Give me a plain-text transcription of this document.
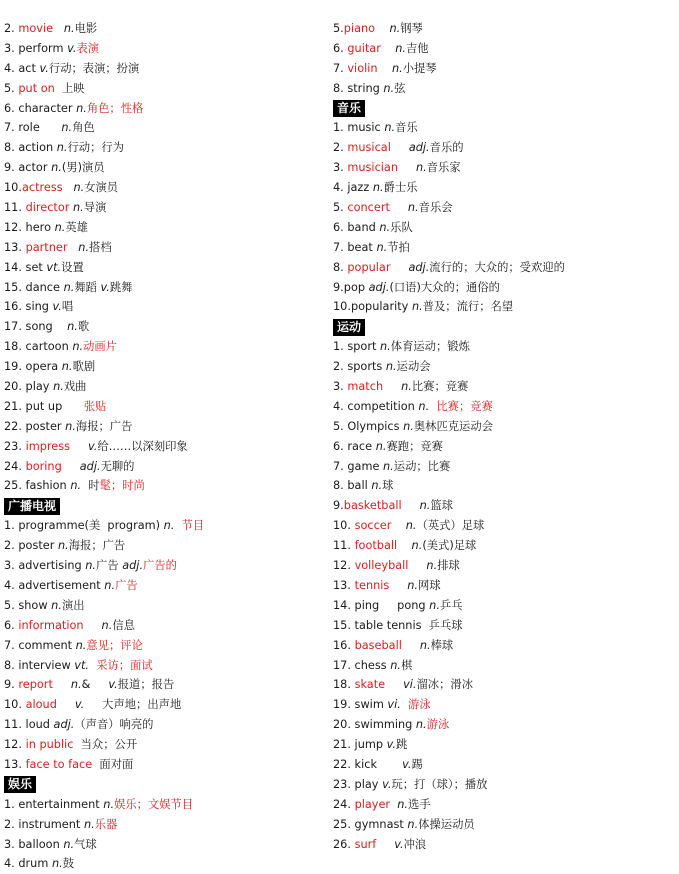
2. movie n.电影
3. perform v.表演
4. act v.行动；表演；扮演
5. put on  上映
6. character n.角色；性格
7. role      n.角色
8. action n.行动；行为
9. actor n.(男)演员
10.actress n.女演员
11. director n.导演
12. hero n.英雄
13. partner n.搭档
14. set vt.设置
15. dance n.舞蹈 v.跳舞
16. sing v.唱
17. song    n.歌
18. cartoon n.动画片
19. opera n.歌剧
20. play n.戏曲
21. put up      张贴
22. poster n.海报；广告
23. impress v.给……以深刻印象
24. boring adj.无聊的
25. fashion n.  时髦；时尚
广播电视
1. programme(美  program) n. 节目
2. poster n.海报；广告
3. advertising n.广告 adj.广告的
4. advertisement n.广告
5. show n.演出
6. information n.信息
7. comment n.意见；评论
8. interview vt. 采访；面试
9. report n.&     v.报道；报告
10. aloud v.     大声地；出声地
11. loud adj.（声音）响亮的
12. in public  当众；公开
13. face to face  面对面
娱乐
1. entertainment n.娱乐；文娱节目
2. instrument n.乐器
3. balloon n.气球
4. drum n.鼓
5.piano n.钢琴
6. guitar n.吉他
7. violin n.小提琴
8. string n.弦
音乐
1. music n.音乐
2. musical adj.音乐的
3. musician n.音乐家
4. jazz n.爵士乐
5. concert n.音乐会
6. band n.乐队
7. beat n.节拍
8. popular adj.流行的；大众的；受欢迎的
9.pop adj.(口语)大众的；通俗的
10.popularity n.普及；流行；名望
运动
1. sport n.体育运动；锻炼
2. sports n.运动会
3. match n.比赛；竞赛
4. competition n. 比赛；竞赛
5. Olympics n.奥林匹克运动会
6. race n.赛跑；竞赛
7. game n.运动；比赛
8. ball n.球
9.basketball n.篮球
10. soccer n.（英式）足球
11. football n.(美式)足球
12. volleyball n.排球
13. tennis n.网球
14. ping     pong n.乒乓
15. table tennis  乒乓球
16. baseball n.棒球
17. chess n.棋
18. skate vi.溜冰；滑冰
19. swim vi. 游泳
20. swimming n.游泳
21. jump v.跳
22. kick       v.踢
23. play v.玩；打（球）；播放
24. player n.选手
25. gymnast n.体操运动员
26. surf v.冲浪
